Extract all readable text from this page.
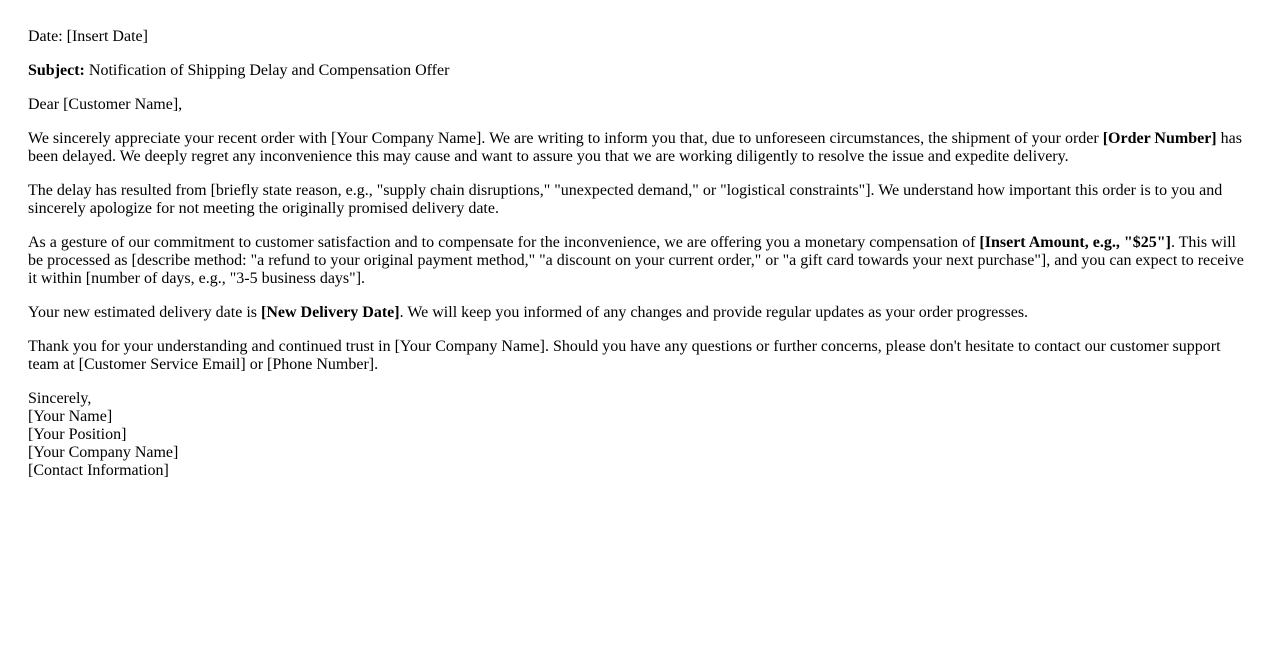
Date: [Insert Date]

Subject: Notification of Shipping Delay and Compensation Offer

Dear [Customer Name],

We sincerely appreciate your recent order with [Your Company Name]. We are writing to inform you that, due to unforeseen circumstances, the shipment of your order [Order Number] has been delayed. We deeply regret any inconvenience this may cause and want to assure you that we are working diligently to resolve the issue and expedite delivery.

The delay has resulted from [briefly state reason, e.g., "supply chain disruptions," "unexpected demand," or "logistical constraints"]. We understand how important this order is to you and sincerely apologize for not meeting the originally promised delivery date.

As a gesture of our commitment to customer satisfaction and to compensate for the inconvenience, we are offering you a monetary compensation of [Insert Amount, e.g., "$25"]. This will be processed as [describe method: "a refund to your original payment method," "a discount on your current order," or "a gift card towards your next purchase"], and you can expect to receive it within [number of days, e.g., "3-5 business days"].

Your new estimated delivery date is [New Delivery Date]. We will keep you informed of any changes and provide regular updates as your order progresses.

Thank you for your understanding and continued trust in [Your Company Name]. Should you have any questions or further concerns, please don't hesitate to contact our customer support team at [Customer Service Email] or [Phone Number].

Sincerely,
[Your Name]
[Your Position]
[Your Company Name]
[Contact Information]
